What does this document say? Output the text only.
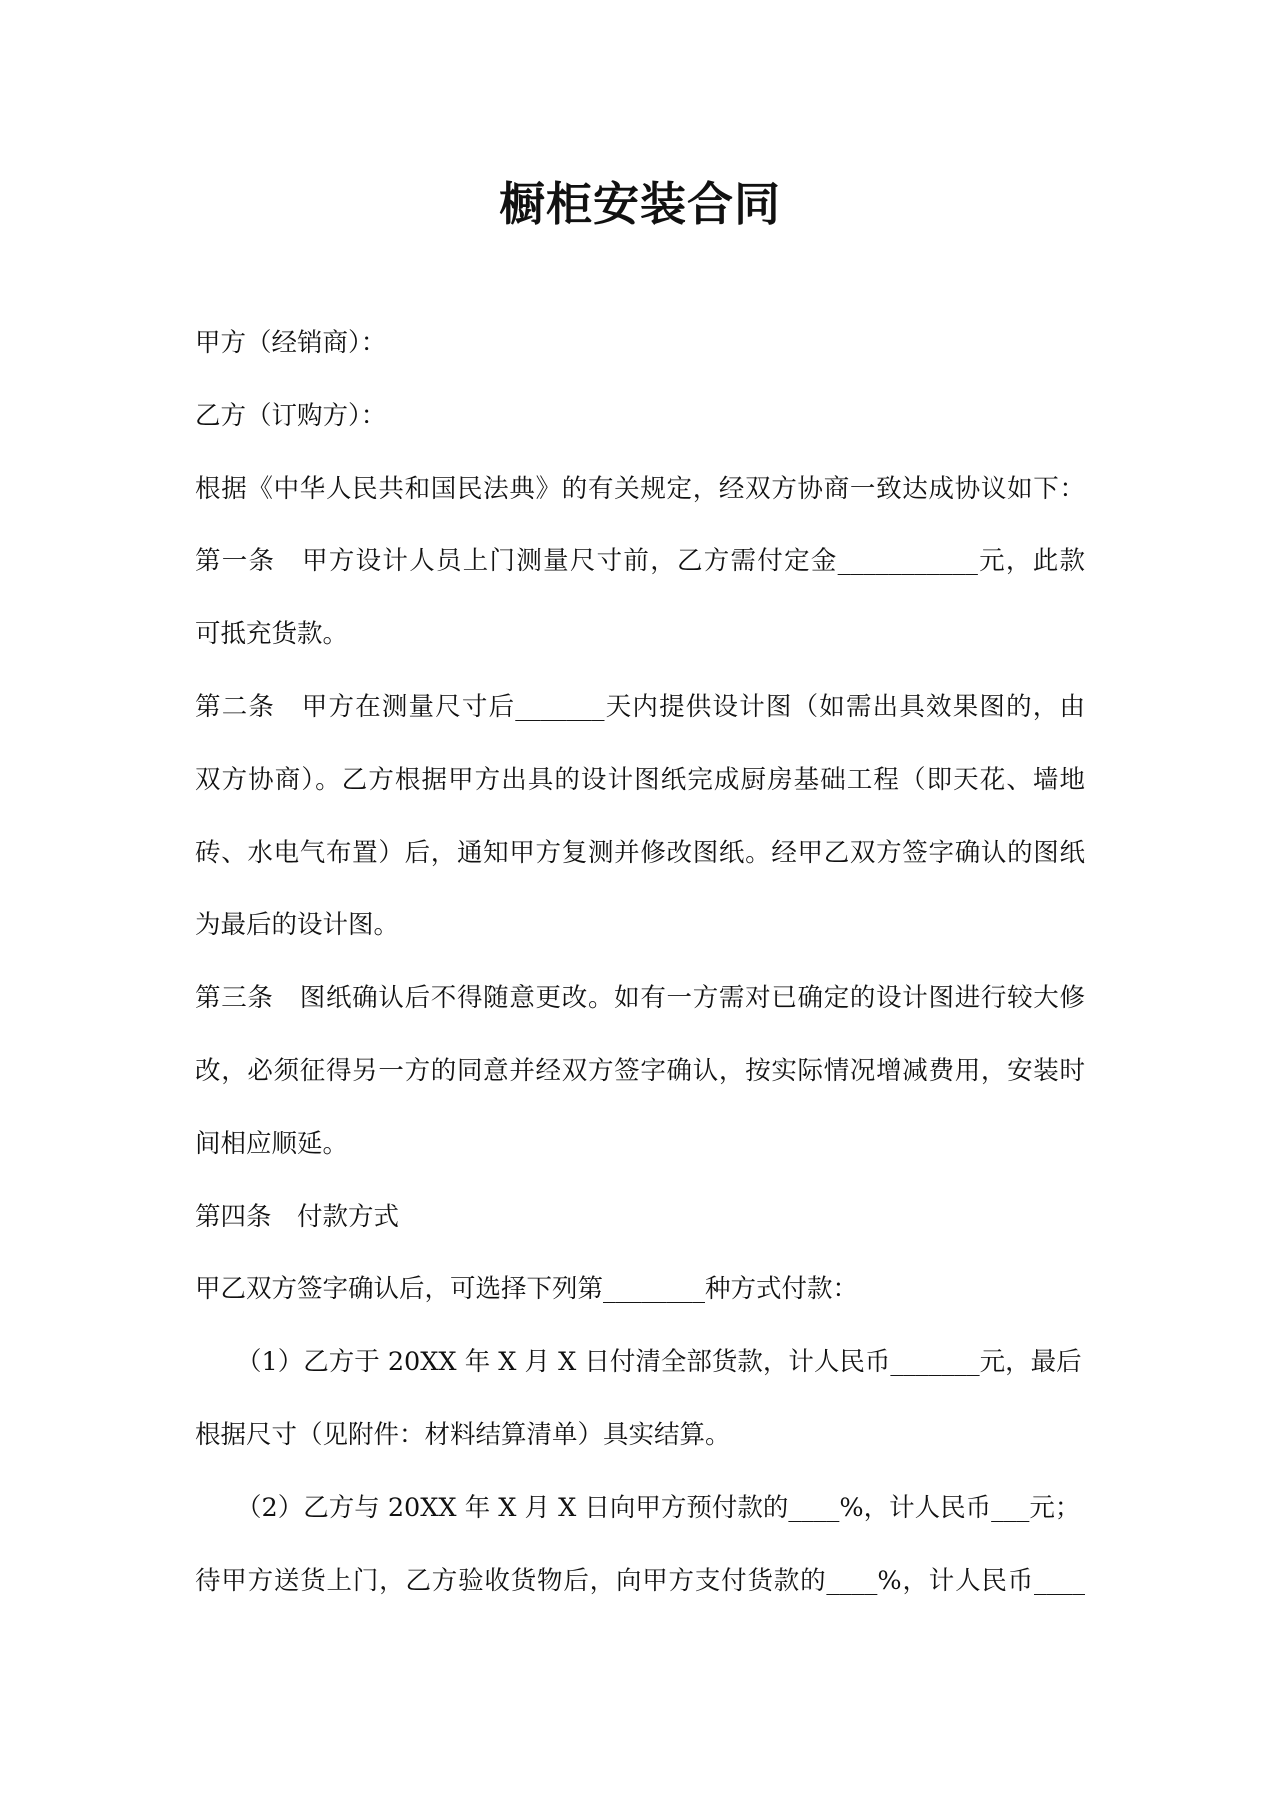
橱柜安装合同
甲方（经销商）：
乙方（订购方）：
根据《中华人民共和国民法典》的有关规定，经双方协商一致达成协议如下：
第一条　甲方设计人员上门测量尺寸前，乙方需付定金___________元，此款
可抵充货款。
第二条　甲方在测量尺寸后_______天内提供设计图（如需出具效果图的，由
双方协商）。乙方根据甲方出具的设计图纸完成厨房基础工程（即天花、墙地
砖、水电气布置）后，通知甲方复测并修改图纸。经甲乙双方签字确认的图纸
为最后的设计图。
第三条　图纸确认后不得随意更改。如有一方需对已确定的设计图进行较大修
改，必须征得另一方的同意并经双方签字确认，按实际情况增减费用，安装时
间相应顺延。
第四条　付款方式
甲乙双方签字确认后，可选择下列第________种方式付款：
（1）乙方于 20XX 年 X 月 X 日付清全部货款，计人民币_______元，最后
根据尺寸（见附件：材料结算清单）具实结算。
（2）乙方与 20XX 年 X 月 X 日向甲方预付款的____%，计人民币___元；
待甲方送货上门，乙方验收货物后，向甲方支付货款的____%，计人民币____
